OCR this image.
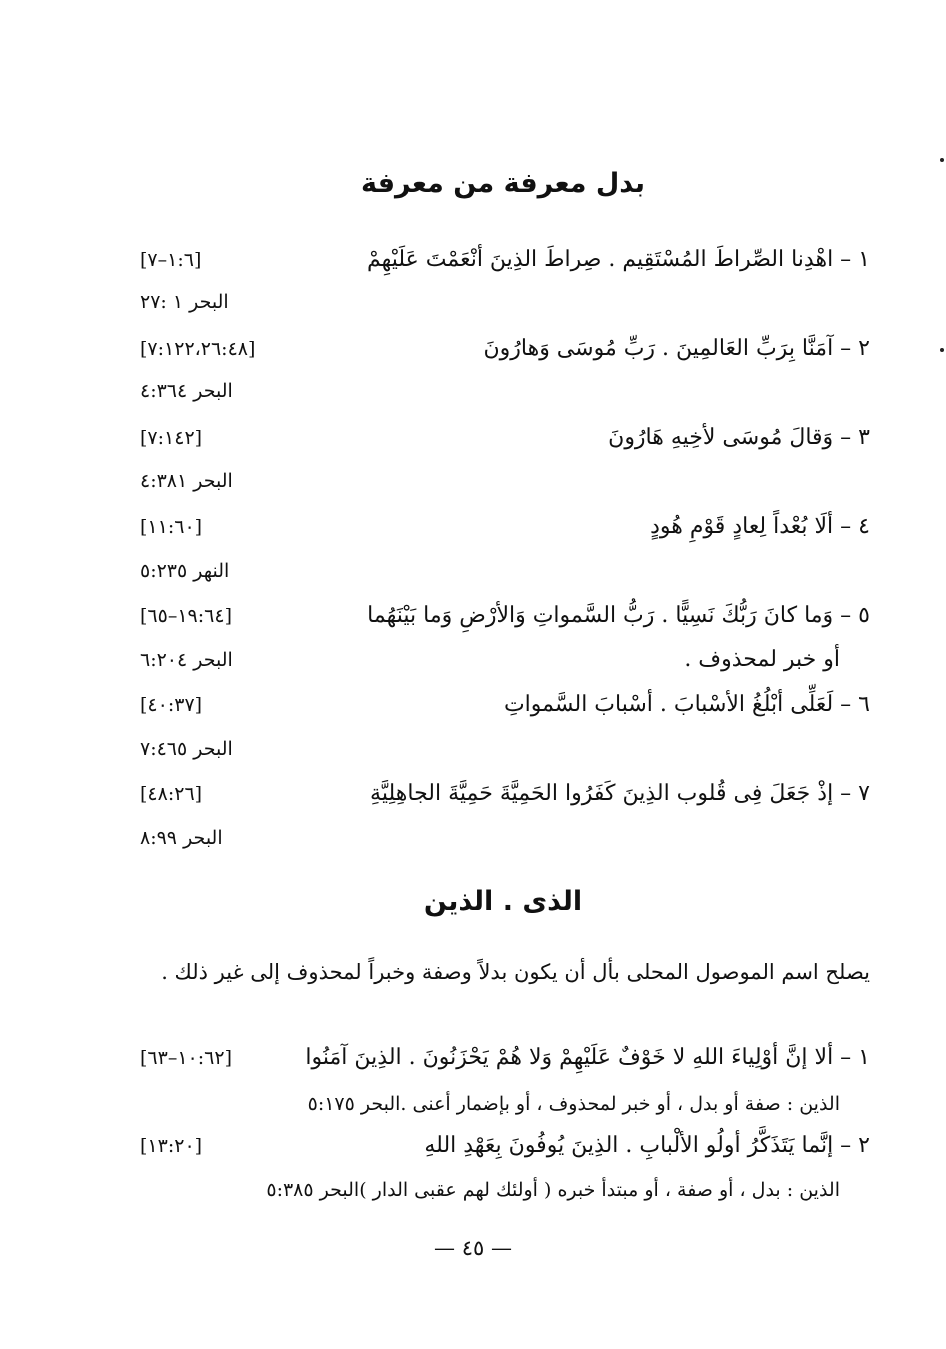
بدل معرفة من معرفة
١ – اهْدِنا الصِّراطَ المُسْتَقِيم . صِراطَ الذِينَ أنْعَمْتَ عَلَيْهِمْ
[١:٦–٧]
البحر ١ :٢٧
٢ – آمَنَّا بِرَبِّ العَالمِينَ . رَبِّ مُوسَى وَهارُونَ
[٧:١٢٢،٢٦:٤٨]
البحر ٤:٣٦٤
٣ – وَقالَ مُوسَى لأخِيهِ هَارُونَ
[٧:١٤٢]
البحر ٤:٣٨١
٤ – ألَا بُعْداً لِعادٍ قَوْمِ هُودٍ
[١١:٦٠]
النهر ٥:٢٣٥
٥ – وَما كانَ رَبُّكَ نَسِيًّا . رَبُّ السَّمواتِ وَالأرْضِ وَما بَيْنَهُما
[١٩:٦٤–٦٥]
أو خبر لمحذوف .
البحر ٦:٢٠٤
٦ – لَعَلِّى أبْلُغُ الأسْبابَ . أسْبابَ السَّمواتِ
[٤٠:٣٧]
البحر ٧:٤٦٥
٧ – إذْ جَعَلَ فِى قُلوب الذِينَ كَفَرُوا الحَمِيَّةَ حَمِيَّةَ الجاهِلِيَّةِ
[٤٨:٢٦]
البحر ٨:٩٩
الذى . الذين
يصلح اسم الموصول المحلى بأل أن يكون بدلاً وصفة وخبراً لمحذوف إلى غير ذلك .
١ – ألا إنَّ أوْلِياءَ اللهِ لا خَوْفٌ عَلَيْهِمْ وَلا هُمْ يَحْزَنُونَ . الذِينَ آمَنُوا
[١٠:٦٢–٦٣]
الذين : صفة أو بدل ، أو خبر لمحذوف ، أو بإضمار أعنى .البحر ٥:١٧٥
٢ – إنَّما يَتَذَكَّرُ أولُو الألْبابِ . الذِينَ يُوفُونَ بِعَهْدِ اللهِ
[١٣:٢٠]
الذين : بدل ، أو صفة ، أو مبتدأ خبره ( أولئك لهم عقبى الدار )البحر ٥:٣٨٥
— ٤٥ —
